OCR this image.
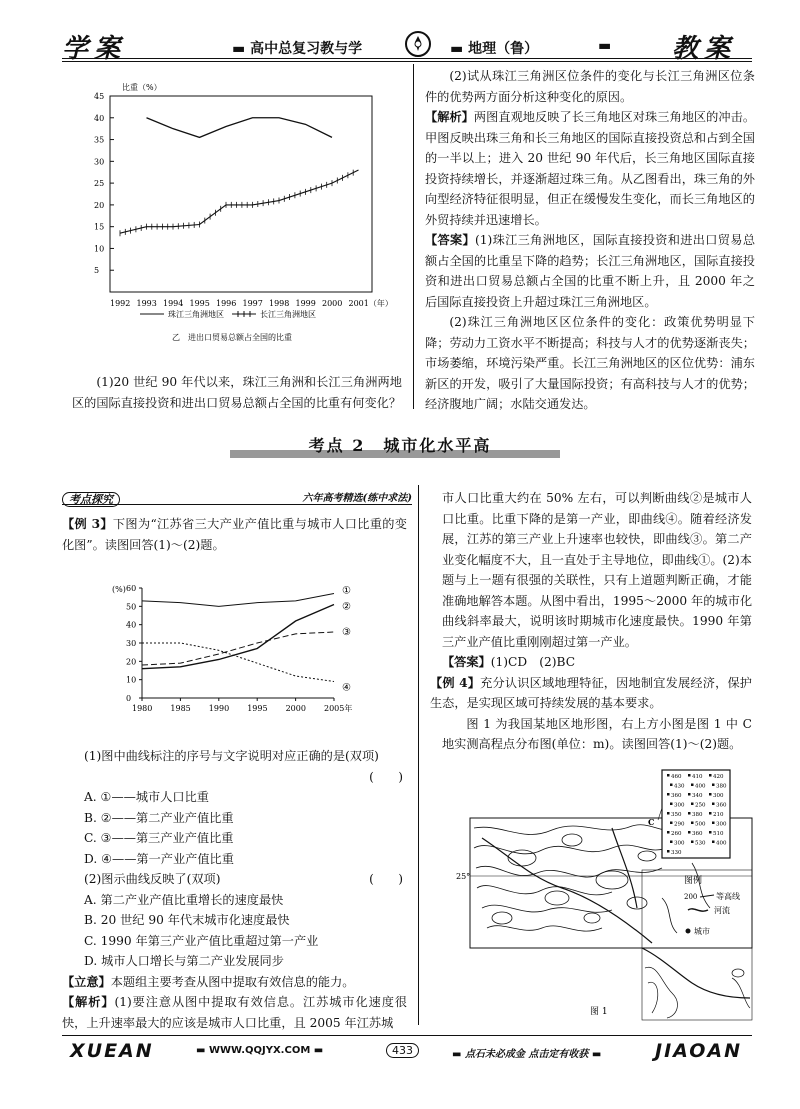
学案	▬ 高中总复习教与学	▬ 地理（鲁）	▬ 教案
比重（%）
45
40
35
30
25
20
15
10
5
1992 1993 1994 1995 1996 1997 1998 1999 2000 2001（年）
珠江三角洲地区	长江三角洲地区
乙　进出口贸易总额占全国的比重

(1)20 世纪 90 年代以来，珠江三角洲和长江三角洲两地区的国际直接投资和进出口贸易总额占全国的比重有何变化？

(2)试从珠江三角洲区位条件的变化与长江三角洲区位条件的优势两方面分析这种变化的原因。

【解析】两图直观地反映了长三角地区对珠三角地区的冲击。甲图反映出珠三角和长三角地区的国际直接投资总和占到全国的一半以上；进入 20 世纪 90 年代后，长三角地区国际直接投资持续增长，并逐渐超过珠三角。从乙图看出，珠三角的外向型经济特征很明显，但正在缓慢发生变化，而长三角地区的外贸持续并迅速增长。

【答案】(1)珠江三角洲地区，国际直接投资和进出口贸易总额占全国的比重呈下降的趋势；长江三角洲地区，国际直接投资和进出口贸易总额占全国的比重不断上升，且 2000 年之后国际直接投资上升超过珠江三角洲地区。

(2)珠江三角洲地区区位条件的变化：政策优势明显下降；劳动力工资水平不断提高；科技与人才的优势逐渐丧失；市场萎缩，环境污染严重。长江三角洲地区的区位优势：浦东新区的开发，吸引了大量国际投资；有高科技与人才的优势；经济腹地广阔；水陆交通发达。

考点 2　城市化水平高
考点探究	六年高考精选(练中求法)

【例 3】下图为“江苏省三大产业产值比重与城市人口比重的变化图”。读图回答(1)～(2)题。

(%) 60
50
40
30
20
10
0
1980 1985 1990 1995 2000 2005年
①
②
③
④

(1)图中曲线标注的序号与文字说明对应正确的是(双项)

(　　)

A. ①——城市人口比重

B. ②——第二产业产值比重

C. ③——第三产业产值比重

D. ④——第一产业产值比重

(2)图示曲线反映了(双项)	(　　)

A. 第二产业产值比重增长的速度最快

B. 20 世纪 90 年代末城市化速度最快

C. 1990 年第三产业产值比重超过第一产业

D. 城市人口增长与第二产业发展同步

【立意】本题组主要考查从图中提取有效信息的能力。

【解析】(1)要注意从图中提取有效信息。江苏城市化速度很快，上升速率最大的应该是城市人口比重，且 2005 年江苏城

市人口比重大约在 50% 左右，可以判断曲线②是城市人口比重。比重下降的是第一产业，即曲线④。随着经济发展，江苏的第三产业上升速率也较快，即曲线③。第二产业变化幅度不大，且一直处于主导地位，即曲线①。(2)本题与上一题有很强的关联性，只有上道题判断正确，才能准确地解答本题。从图中看出，1995～2000 年的城市化曲线斜率最大，说明该时期城市化速度最快。1990 年第三产业产值比重刚刚超过第一产业。

【答案】(1)CD　(2)BC

【例 4】充分认识区域地理特征，因地制宜发展经济，保护生态，是实现区域可持续发展的基本要求。

图 1 为我国某地区地形图，右上方小图是图 1 中 C 地实测高程点分布图(单位：m)。读图回答(1)～(2)题。

25°
C
460 410 420
430 400 380
360 340 300
300 250 360
350 380 210
290 500 300
260 360 510
300 530 400
330
图例
200 等高线
河流
城市
图 1
XUEAN	▬ WWW.QQJYX.COM ▬	433	▬ 点石未必成金 点击定有收获 ▬	JIAOAN
